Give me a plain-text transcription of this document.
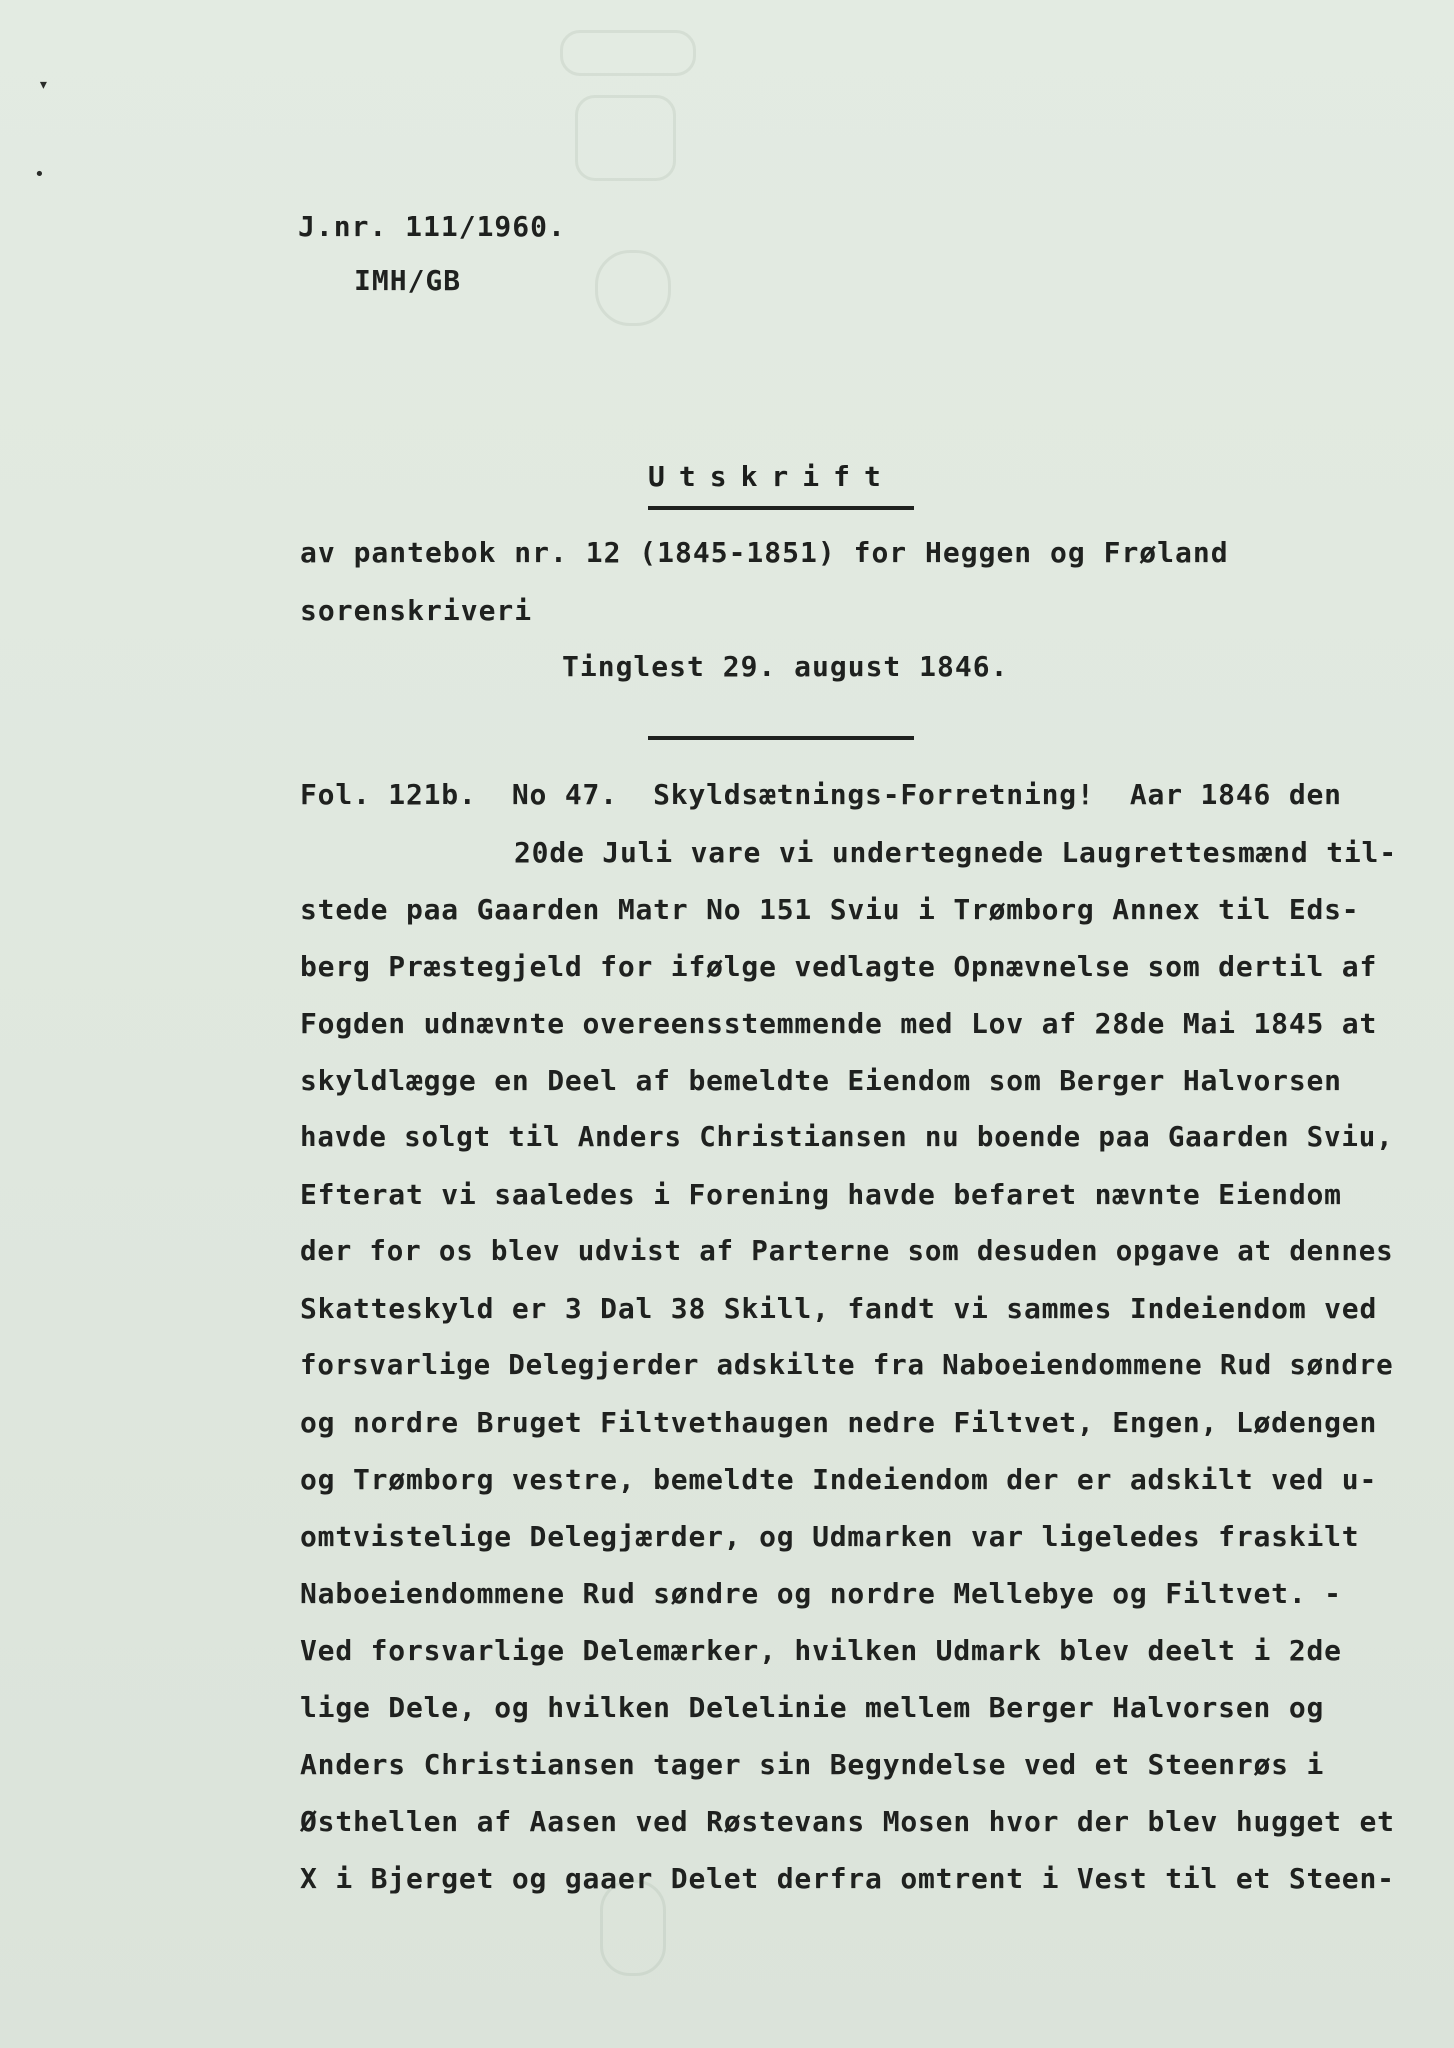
▾
•
J.nr. 111/1960.
IMH/GB
Utskrift
av pantebok nr. 12 (1845-1851) for Heggen og Frøland
sorenskriveri
Tinglest 29. august 1846.
Fol. 121b.  No 47.  Skyldsætnings-Forretning!  Aar 1846 den
20de Juli vare vi undertegnede Laugrettesmænd til-
stede paa Gaarden Matr No 151 Sviu i Trømborg Annex til Eds-
berg Præstegjeld for ifølge vedlagte Opnævnelse som dertil af
Fogden udnævnte overeensstemmende med Lov af 28de Mai 1845 at
skyldlægge en Deel af bemeldte Eiendom som Berger Halvorsen
havde solgt til Anders Christiansen nu boende paa Gaarden Sviu,
Efterat vi saaledes i Forening havde befaret nævnte Eiendom
der for os blev udvist af Parterne som desuden opgave at dennes
Skatteskyld er 3 Dal 38 Skill, fandt vi sammes Indeiendom ved
forsvarlige Delegjerder adskilte fra Naboeiendommene Rud søndre
og nordre Bruget Filtvethaugen nedre Filtvet, Engen, Lødengen
og Trømborg vestre, bemeldte Indeiendom der er adskilt ved u-
omtvistelige Delegjærder, og Udmarken var ligeledes fraskilt
Naboeiendommene Rud søndre og nordre Mellebye og Filtvet. -
Ved forsvarlige Delemærker, hvilken Udmark blev deelt i 2de
lige Dele, og hvilken Delelinie mellem Berger Halvorsen og
Anders Christiansen tager sin Begyndelse ved et Steenrøs i
Østhellen af Aasen ved Røstevans Mosen hvor der blev hugget et
X i Bjerget og gaaer Delet derfra omtrent i Vest til et Steen-
